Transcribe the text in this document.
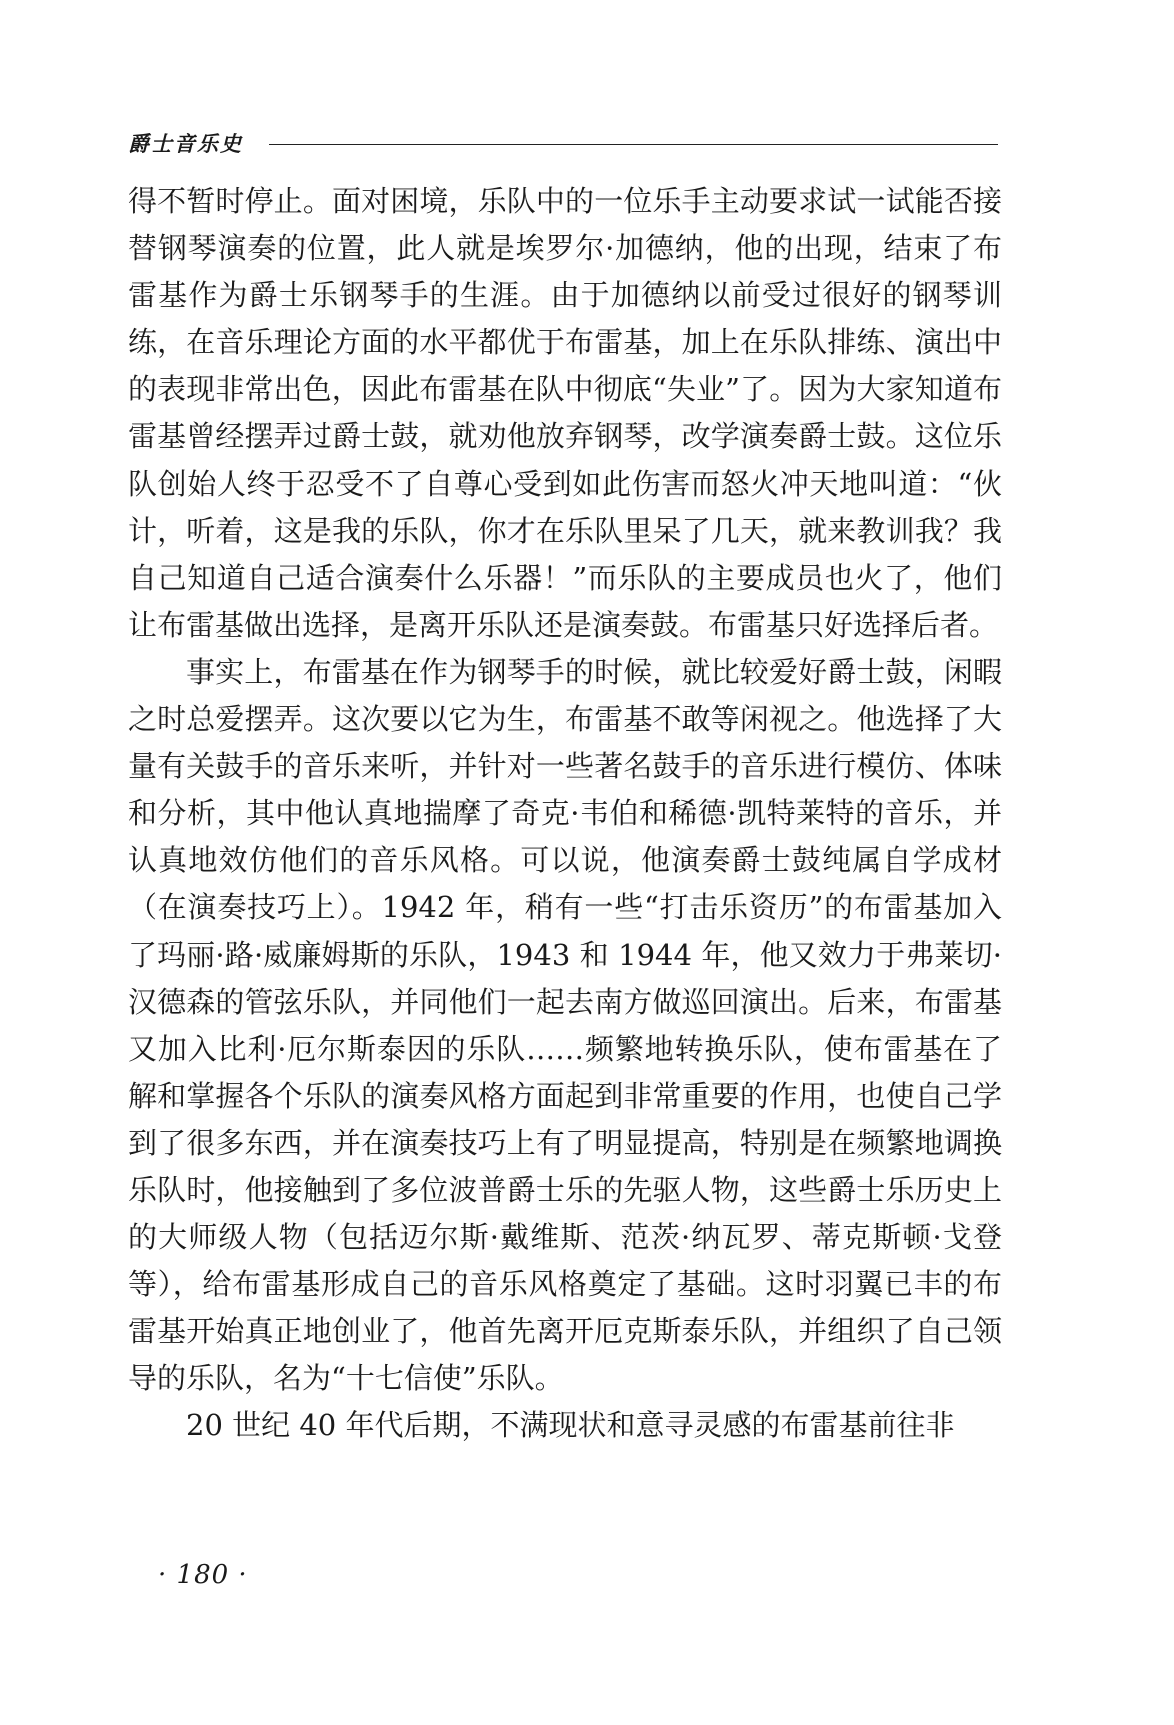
爵士音乐史

得不暂时停止。面对困境，乐队中的一位乐手主动要求试一试能否接替钢琴演奏的位置，此人就是埃罗尔·加德纳，他的出现，结束了布雷基作为爵士乐钢琴手的生涯。由于加德纳以前受过很好的钢琴训练，在音乐理论方面的水平都优于布雷基，加上在乐队排练、演出中的表现非常出色，因此布雷基在队中彻底“失业”了。因为大家知道布雷基曾经摆弄过爵士鼓，就劝他放弃钢琴，改学演奏爵士鼓。这位乐队创始人终于忍受不了自尊心受到如此伤害而怒火冲天地叫道：“伙计，听着，这是我的乐队，你才在乐队里呆了几天，就来教训我？我自己知道自己适合演奏什么乐器！”而乐队的主要成员也火了，他们让布雷基做出选择，是离开乐队还是演奏鼓。布雷基只好选择后者。

事实上，布雷基在作为钢琴手的时候，就比较爱好爵士鼓，闲暇之时总爱摆弄。这次要以它为生，布雷基不敢等闲视之。他选择了大量有关鼓手的音乐来听，并针对一些著名鼓手的音乐进行模仿、体味和分析，其中他认真地揣摩了奇克·韦伯和稀德·凯特莱特的音乐，并认真地效仿他们的音乐风格。可以说，他演奏爵士鼓纯属自学成材（在演奏技巧上）。1942 年，稍有一些“打击乐资历”的布雷基加入了玛丽·路·威廉姆斯的乐队，1943 和 1944 年，他又效力于弗莱切·汉德森的管弦乐队，并同他们一起去南方做巡回演出。后来，布雷基又加入比利·厄尔斯泰因的乐队……频繁地转换乐队，使布雷基在了解和掌握各个乐队的演奏风格方面起到非常重要的作用，也使自己学到了很多东西，并在演奏技巧上有了明显提高，特别是在频繁地调换乐队时，他接触到了多位波普爵士乐的先驱人物，这些爵士乐历史上的大师级人物（包括迈尔斯·戴维斯、范茨·纳瓦罗、蒂克斯顿·戈登等），给布雷基形成自己的音乐风格奠定了基础。这时羽翼已丰的布雷基开始真正地创业了，他首先离开厄克斯泰乐队，并组织了自己领导的乐队，名为“十七信使”乐队。

20 世纪 40 年代后期，不满现状和意寻灵感的布雷基前往非

· 180 ·
